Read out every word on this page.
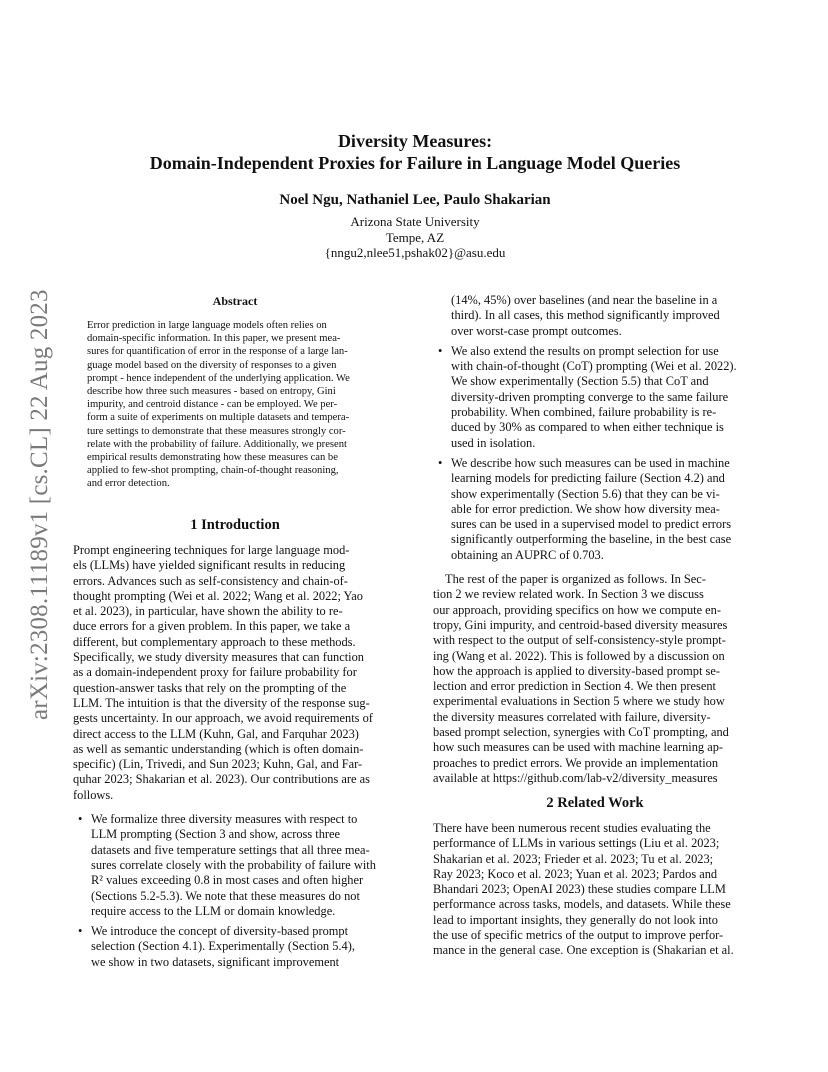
arXiv:2308.11189v1 [cs.CL] 22 Aug 2023
Diversity Measures:
Domain-Independent Proxies for Failure in Language Model Queries
Noel Ngu, Nathaniel Lee, Paulo Shakarian
Arizona State University
Tempe, AZ
{nngu2,nlee51,pshak02}@asu.edu
Abstract
Error prediction in large language models often relies on
domain-specific information. In this paper, we present mea-
sures for quantification of error in the response of a large lan-
guage model based on the diversity of responses to a given
prompt - hence independent of the underlying application. We
describe how three such measures - based on entropy, Gini
impurity, and centroid distance - can be employed. We per-
form a suite of experiments on multiple datasets and tempera-
ture settings to demonstrate that these measures strongly cor-
relate with the probability of failure. Additionally, we present
empirical results demonstrating how these measures can be
applied to few-shot prompting, chain-of-thought reasoning,
and error detection.
1 Introduction
Prompt engineering techniques for large language mod-
els (LLMs) have yielded significant results in reducing
errors. Advances such as self-consistency and chain-of-
thought prompting (Wei et al. 2022; Wang et al. 2022; Yao
et al. 2023), in particular, have shown the ability to re-
duce errors for a given problem. In this paper, we take a
different, but complementary approach to these methods.
Specifically, we study diversity measures that can function
as a domain-independent proxy for failure probability for
question-answer tasks that rely on the prompting of the
LLM. The intuition is that the diversity of the response sug-
gests uncertainty. In our approach, we avoid requirements of
direct access to the LLM (Kuhn, Gal, and Farquhar 2023)
as well as semantic understanding (which is often domain-
specific) (Lin, Trivedi, and Sun 2023; Kuhn, Gal, and Far-
quhar 2023; Shakarian et al. 2023). Our contributions are as
follows.
• We formalize three diversity measures with respect to
LLM prompting (Section 3 and show, across three
datasets and five temperature settings that all three mea-
sures correlate closely with the probability of failure with
R² values exceeding 0.8 in most cases and often higher
(Sections 5.2-5.3). We note that these measures do not
require access to the LLM or domain knowledge.
• We introduce the concept of diversity-based prompt
selection (Section 4.1). Experimentally (Section 5.4),
we show in two datasets, significant improvement
(14%, 45%) over baselines (and near the baseline in a
third). In all cases, this method significantly improved
over worst-case prompt outcomes.
• We also extend the results on prompt selection for use
with chain-of-thought (CoT) prompting (Wei et al. 2022).
We show experimentally (Section 5.5) that CoT and
diversity-driven prompting converge to the same failure
probability. When combined, failure probability is re-
duced by 30% as compared to when either technique is
used in isolation.
• We describe how such measures can be used in machine
learning models for predicting failure (Section 4.2) and
show experimentally (Section 5.6) that they can be vi-
able for error prediction. We show how diversity mea-
sures can be used in a supervised model to predict errors
significantly outperforming the baseline, in the best case
obtaining an AUPRC of 0.703.
The rest of the paper is organized as follows. In Sec-
tion 2 we review related work. In Section 3 we discuss
our approach, providing specifics on how we compute en-
tropy, Gini impurity, and centroid-based diversity measures
with respect to the output of self-consistency-style prompt-
ing (Wang et al. 2022). This is followed by a discussion on
how the approach is applied to diversity-based prompt se-
lection and error prediction in Section 4. We then present
experimental evaluations in Section 5 where we study how
the diversity measures correlated with failure, diversity-
based prompt selection, synergies with CoT prompting, and
how such measures can be used with machine learning ap-
proaches to predict errors. We provide an implementation
available at https://github.com/lab-v2/diversity_measures
2 Related Work
There have been numerous recent studies evaluating the
performance of LLMs in various settings (Liu et al. 2023;
Shakarian et al. 2023; Frieder et al. 2023; Tu et al. 2023;
Ray 2023; Koco et al. 2023; Yuan et al. 2023; Pardos and
Bhandari 2023; OpenAI 2023) these studies compare LLM
performance across tasks, models, and datasets. While these
lead to important insights, they generally do not look into
the use of specific metrics of the output to improve perfor-
mance in the general case. One exception is (Shakarian et al.
